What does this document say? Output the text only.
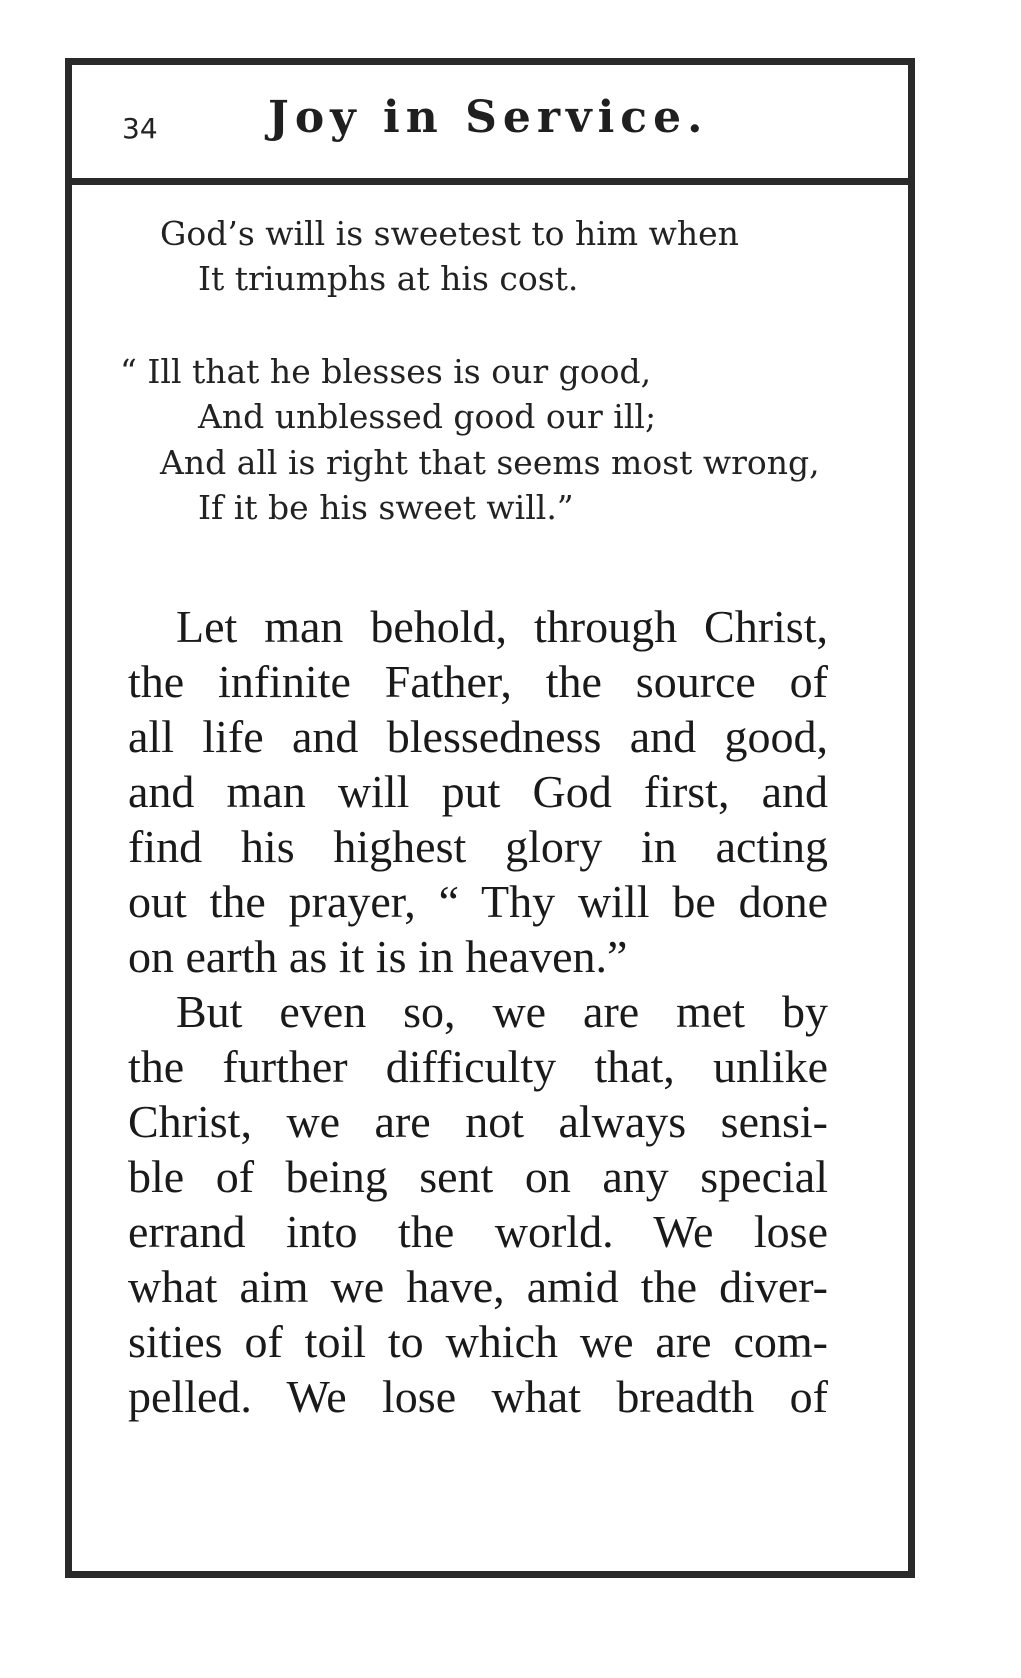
34	Joy in Service.
God’s will is sweetest to him when
It triumphs at his cost.
“ Ill that he blesses is our good,
And unblessed good our ill;
And all is right that seems most wrong,
If it be his sweet will.”
Let man behold, through Christ,
the infinite Father, the source of
all life and blessedness and good,
and man will put God first, and
find his highest glory in acting
out the prayer, “ Thy will be done
on earth as it is in heaven.”
But even so, we are met by
the further difficulty that, unlike
Christ, we are not always sensi-
ble of being sent on any special
errand into the world. We lose
what aim we have, amid the diver-
sities of toil to which we are com-
pelled. We lose what breadth of
